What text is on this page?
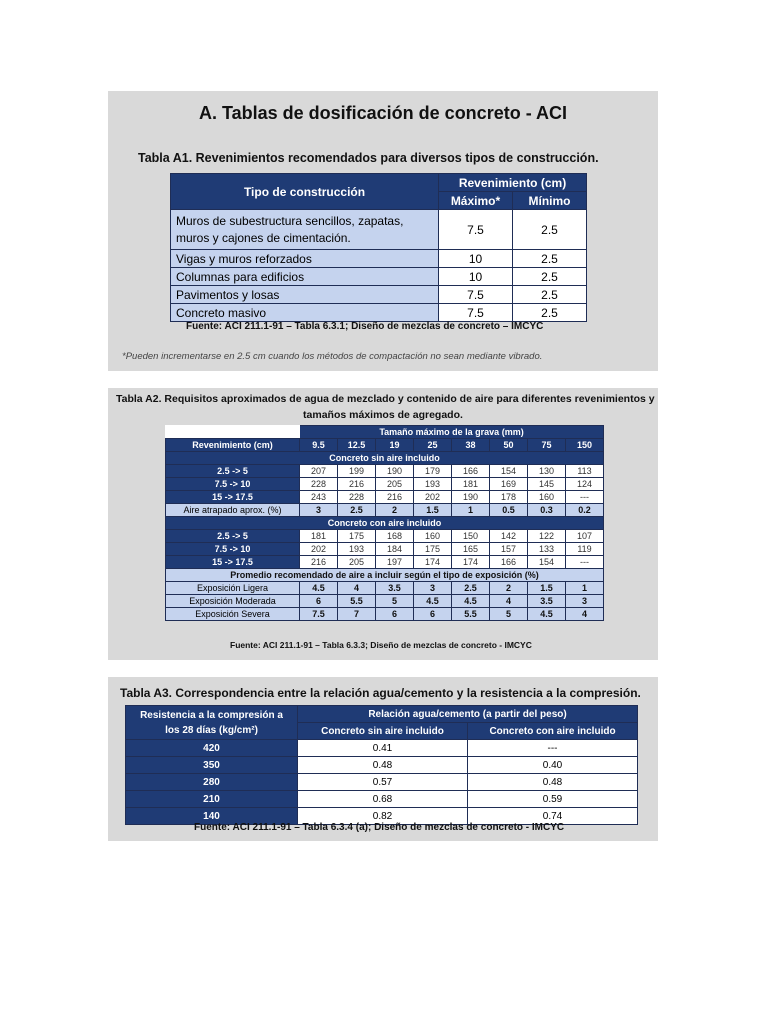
A. Tablas de dosificación de concreto - ACI
Tabla A1. Revenimientos recomendados para diversos tipos de construcción.
Tipo de construcción	Revenimiento (cm)	
	Máximo*	Mínimo
Muros de subestructura sencillos, zapatas, muros y cajones de cimentación.	7.5	2.5
Vigas y muros reforzados	10	2.5
Columnas para edificios	10	2.5
Pavimentos y losas	7.5	2.5
Concreto masivo	7.5	2.5
Fuente: ACI 211.1-91 – Tabla 6.3.1; Diseño de mezclas de concreto – IMCYC
*Pueden incrementarse en 2.5 cm cuando los métodos de compactación no sean mediante vibrado.
Tabla A2. Requisitos aproximados de agua de mezclado y contenido de aire para diferentes revenimientos y
tamaños máximos de agregado.
	Tamaño máximo de la grava (mm)							
Revenimiento (cm)	9.5	12.5	19	25	38	50	75	150
Concreto sin aire incluido								
2.5 -> 5	207	199	190	179	166	154	130	113
7.5 -> 10	228	216	205	193	181	169	145	124
15 -> 17.5	243	228	216	202	190	178	160	---
Aire atrapado aprox. (%)	3	2.5	2	1.5	1	0.5	0.3	0.2
Concreto con aire incluido								
2.5 -> 5	181	175	168	160	150	142	122	107
7.5 -> 10	202	193	184	175	165	157	133	119
15 -> 17.5	216	205	197	174	174	166	154	---
Promedio recomendado de aire a incluir según el tipo de exposición (%)								
Exposición Ligera	4.5	4	3.5	3	2.5	2	1.5	1
Exposición Moderada	6	5.5	5	4.5	4.5	4	3.5	3
Exposición Severa	7.5	7	6	6	5.5	5	4.5	4
Fuente: ACI 211.1-91 – Tabla 6.3.3; Diseño de mezclas de concreto - IMCYC
Tabla A3. Correspondencia entre la relación agua/cemento y la resistencia a la compresión.
Resistencia a la compresión a
los 28 días (kg/cm²)	Relación agua/cemento (a partir del peso)	
	Concreto sin aire incluido	Concreto con aire incluido
420	0.41	---
350	0.48	0.40
280	0.57	0.48
210	0.68	0.59
140	0.82	0.74
Fuente: ACI 211.1-91 – Tabla 6.3.4 (a); Diseño de mezclas de concreto - IMCYC
